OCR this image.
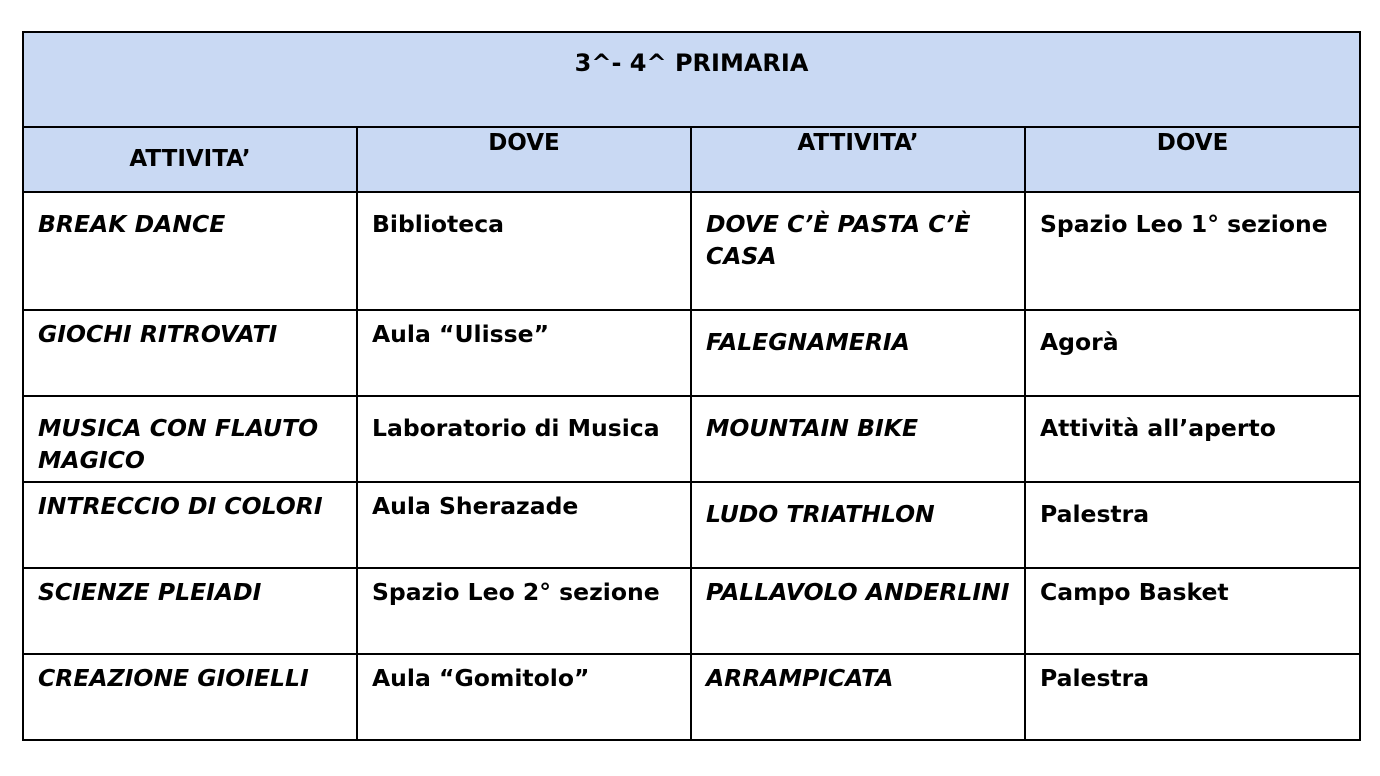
3^- 4^ PRIMARIA			

ATTIVITA’	DOVE	ATTIVITA’	DOVE

BREAK DANCE	Biblioteca	DOVE C’È PASTA C’È CASA	Spazio Leo 1° sezione

GIOCHI RITROVATI	Aula “Ulisse”	FALEGNAMERIA	Agorà

MUSICA CON FLAUTO MAGICO	Laboratorio di Musica	MOUNTAIN BIKE	Attività all’aperto

INTRECCIO DI COLORI	Aula Sherazade	LUDO TRIATHLON	Palestra

SCIENZE PLEIADI	Spazio Leo 2° sezione	PALLAVOLO ANDERLINI	Campo Basket

CREAZIONE GIOIELLI	Aula “Gomitolo”	ARRAMPICATA	Palestra
